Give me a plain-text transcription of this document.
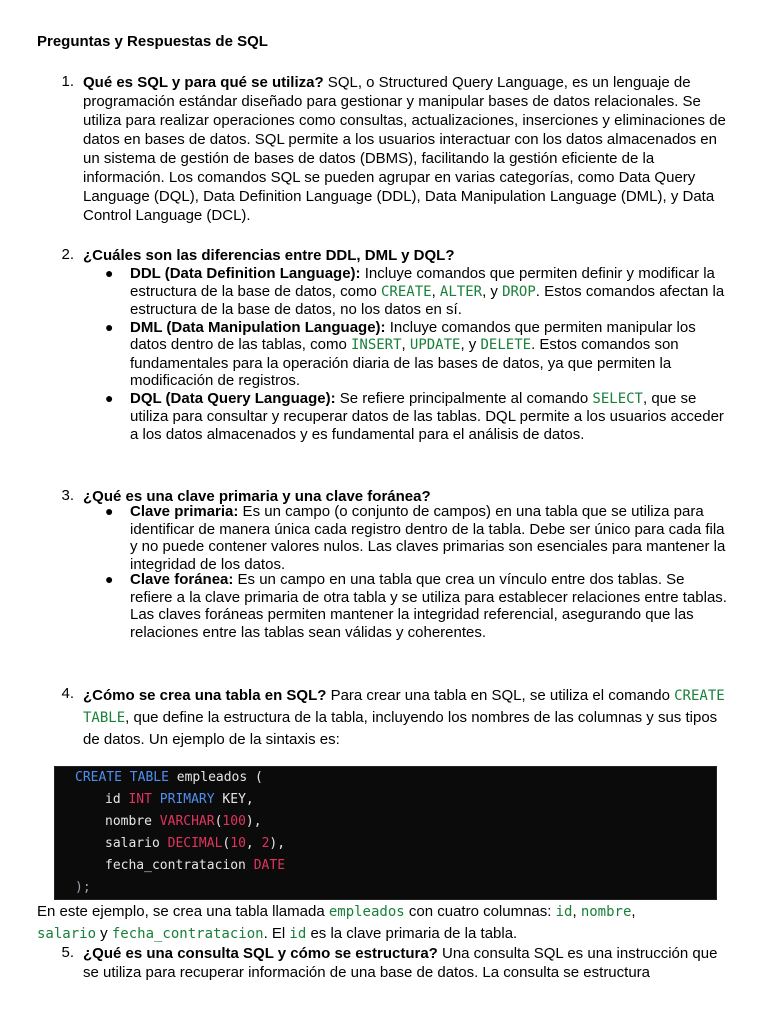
Preguntas y Respuestas de SQL
1. Qué es SQL y para qué se utiliza? SQL, o Structured Query Language, es un lenguaje de programación estándar diseñado para gestionar y manipular bases de datos relacionales. Se utiliza para realizar operaciones como consultas, actualizaciones, inserciones y eliminaciones de datos en bases de datos. SQL permite a los usuarios interactuar con los datos almacenados en un sistema de gestión de bases de datos (DBMS), facilitando la gestión eficiente de la información. Los comandos SQL se pueden agrupar en varias categorías, como Data Query Language (DQL), Data Definition Language (DDL), Data Manipulation Language (DML), y Data Control Language (DCL).
2. ¿Cuáles son las diferencias entre DDL, DML y DQL?
● DDL (Data Definition Language): Incluye comandos que permiten definir y modificar la estructura de la base de datos, como CREATE, ALTER, y DROP. Estos comandos afectan la estructura de la base de datos, no los datos en sí.
● DML (Data Manipulation Language): Incluye comandos que permiten manipular los datos dentro de las tablas, como INSERT, UPDATE, y DELETE. Estos comandos son fundamentales para la operación diaria de las bases de datos, ya que permiten la modificación de registros.
● DQL (Data Query Language): Se refiere principalmente al comando SELECT, que se utiliza para consultar y recuperar datos de las tablas. DQL permite a los usuarios acceder a los datos almacenados y es fundamental para el análisis de datos.
3. ¿Qué es una clave primaria y una clave foránea?
● Clave primaria: Es un campo (o conjunto de campos) en una tabla que se utiliza para identificar de manera única cada registro dentro de la tabla. Debe ser único para cada fila y no puede contener valores nulos. Las claves primarias son esenciales para mantener la integridad de los datos.
● Clave foránea: Es un campo en una tabla que crea un vínculo entre dos tablas. Se refiere a la clave primaria de otra tabla y se utiliza para establecer relaciones entre tablas. Las claves foráneas permiten mantener la integridad referencial, asegurando que las relaciones entre las tablas sean válidas y coherentes.
4. ¿Cómo se crea una tabla en SQL? Para crear una tabla en SQL, se utiliza el comando CREATE TABLE, que define la estructura de la tabla, incluyendo los nombres de las columnas y sus tipos de datos. Un ejemplo de la sintaxis es:
CREATE TABLE empleados (
id INT PRIMARY KEY,
nombre VARCHAR(100),
salario DECIMAL(10, 2),
fecha_contratacion DATE
);
En este ejemplo, se crea una tabla llamada empleados con cuatro columnas: id, nombre,
salario y fecha_contratacion. El id es la clave primaria de la tabla.
5. ¿Qué es una consulta SQL y cómo se estructura? Una consulta SQL es una instrucción que se utiliza para recuperar información de una base de datos. La consulta se estructura
